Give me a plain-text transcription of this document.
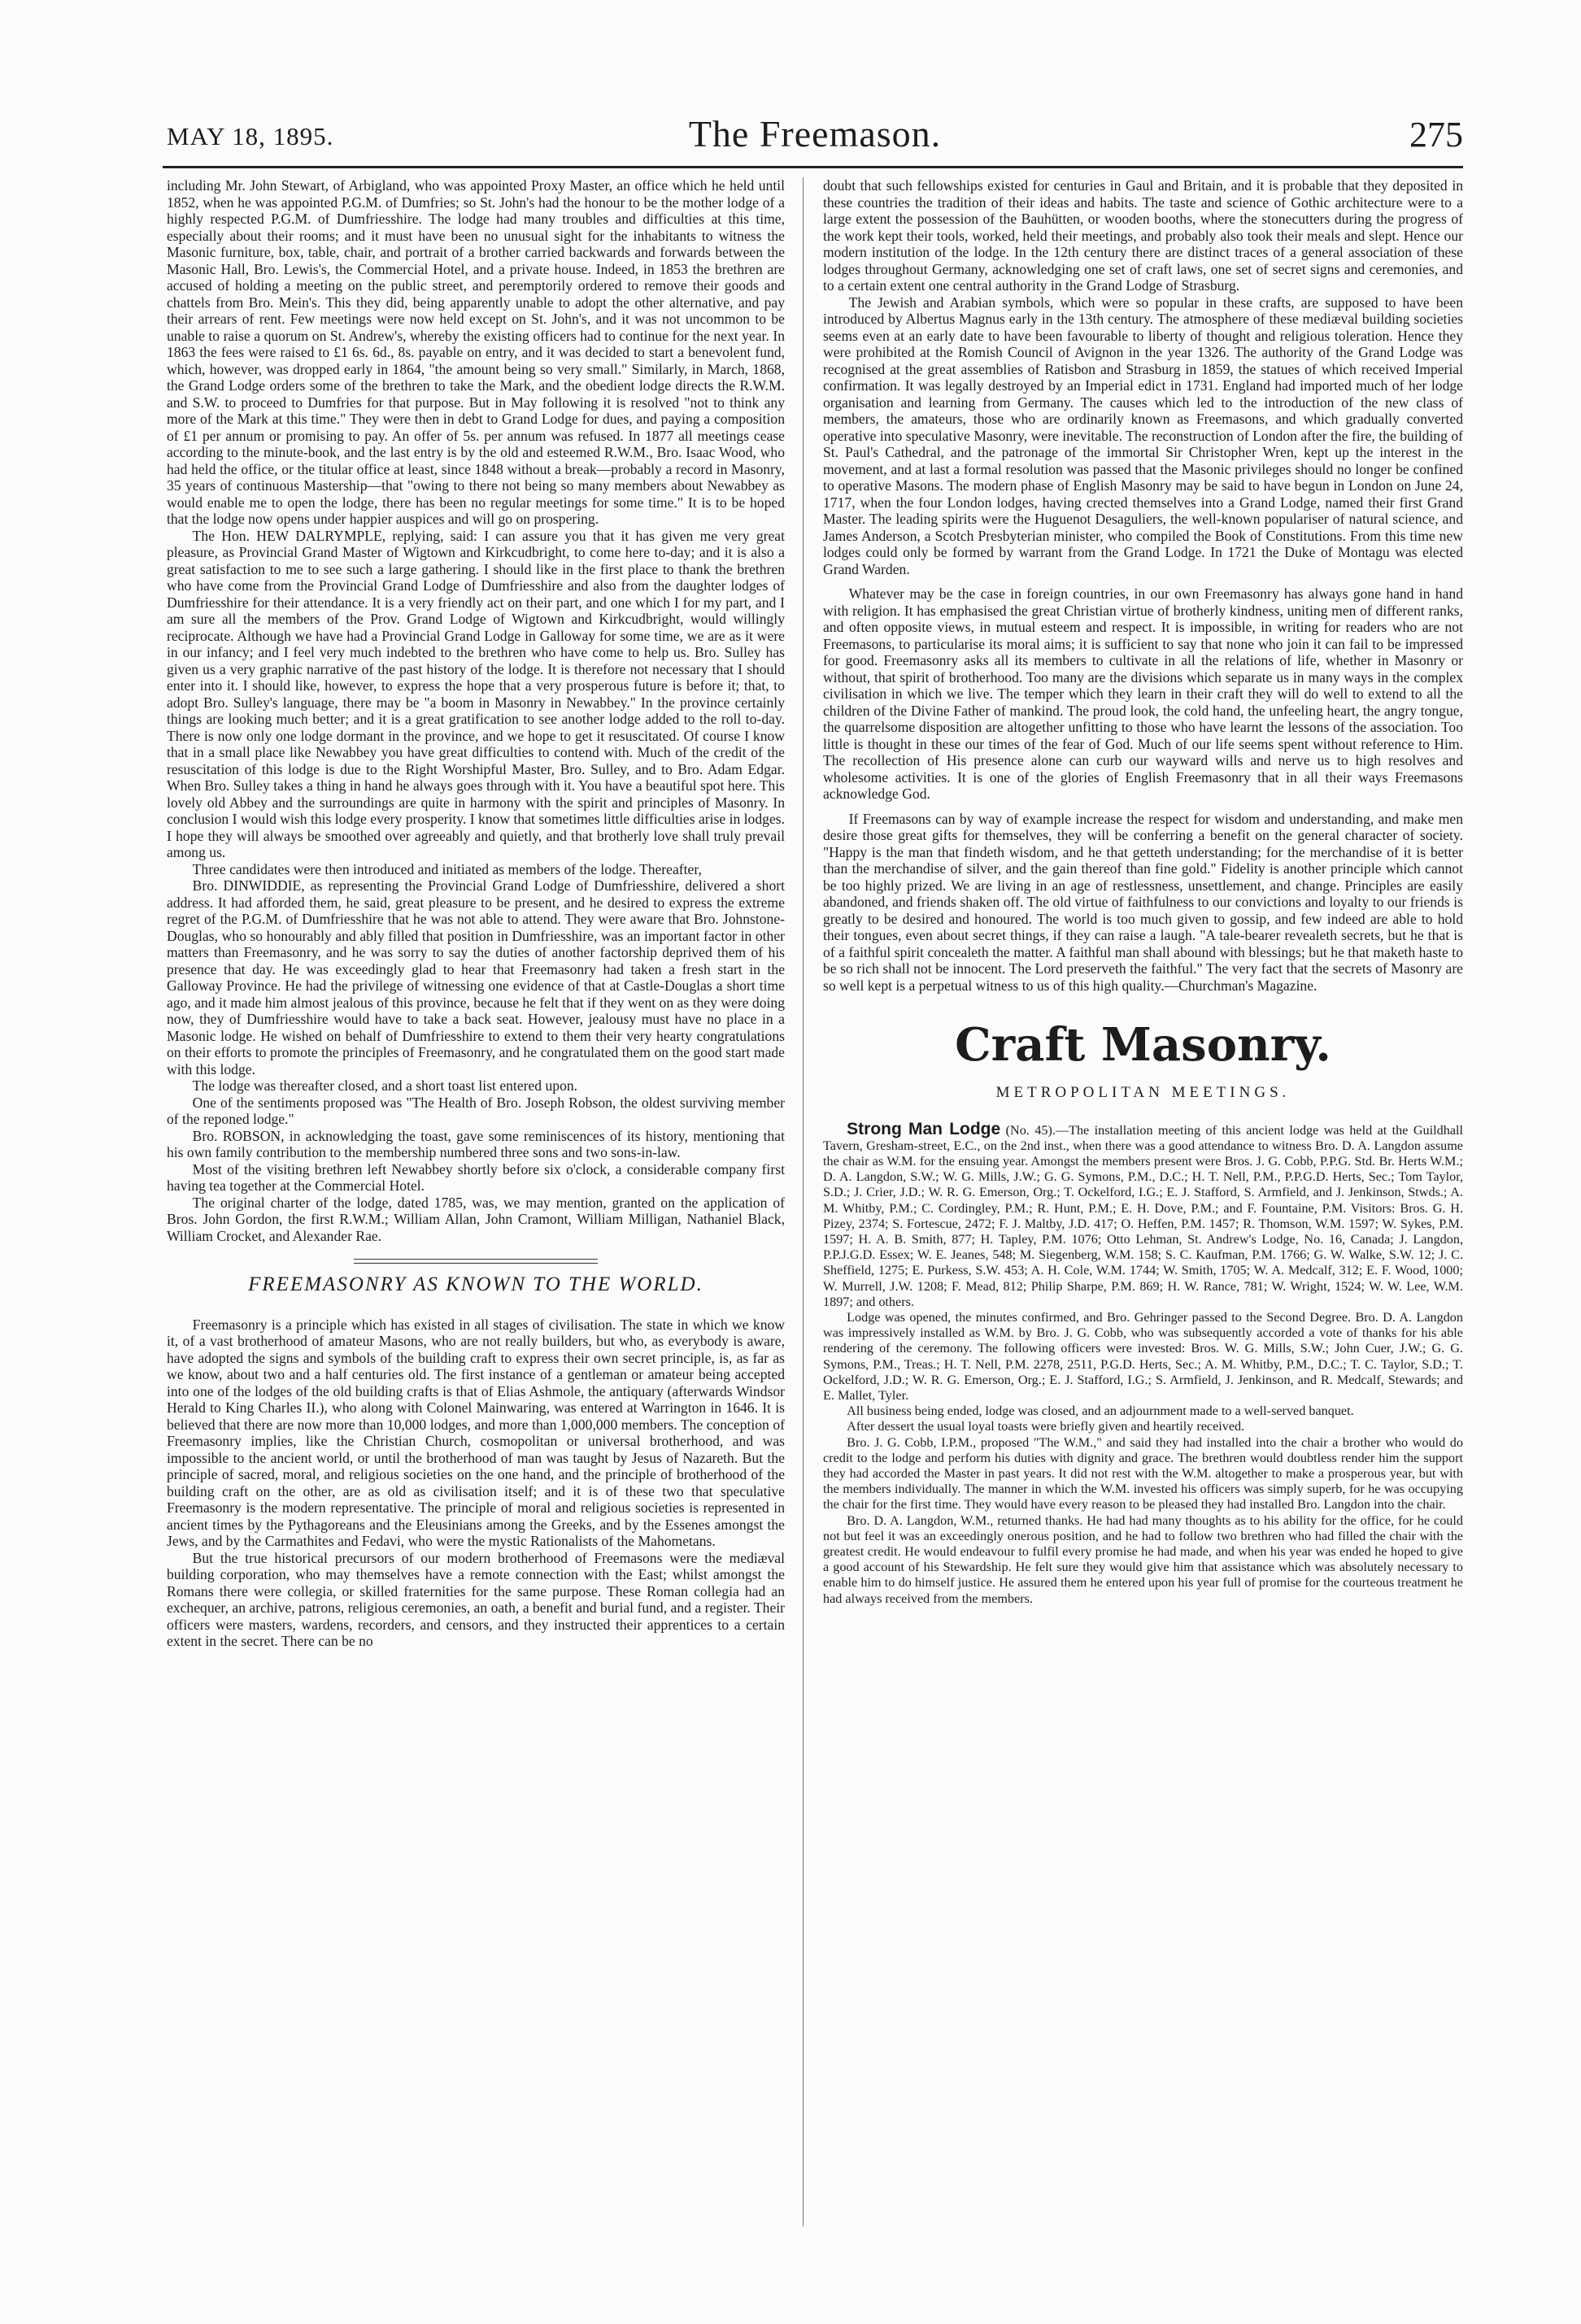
MAY 18, 1895.	The Freemason.	275

including Mr. John Stewart, of Arbigland, who was appointed Proxy Master, an office which he held until 1852, when he was appointed P.G.M. of Dumfries; so St. John's had the honour to be the mother lodge of a highly respected P.G.M. of Dumfriesshire. The lodge had many troubles and difficulties at this time, especially about their rooms; and it must have been no unusual sight for the inhabitants to witness the Masonic furniture, box, table, chair, and portrait of a brother carried backwards and forwards between the Masonic Hall, Bro. Lewis's, the Commercial Hotel, and a private house. Indeed, in 1853 the brethren are accused of holding a meeting on the public street, and peremptorily ordered to remove their goods and chattels from Bro. Mein's. This they did, being apparently unable to adopt the other alternative, and pay their arrears of rent. Few meetings were now held except on St. John's, and it was not uncommon to be unable to raise a quorum on St. Andrew's, whereby the existing officers had to continue for the next year. In 1863 the fees were raised to £1 6s. 6d., 8s. payable on entry, and it was decided to start a benevolent fund, which, however, was dropped early in 1864, "the amount being so very small." Similarly, in March, 1868, the Grand Lodge orders some of the brethren to take the Mark, and the obedient lodge directs the R.W.M. and S.W. to proceed to Dumfries for that purpose. But in May following it is resolved "not to think any more of the Mark at this time." They were then in debt to Grand Lodge for dues, and paying a composition of £1 per annum or promising to pay. An offer of 5s. per annum was refused. In 1877 all meetings cease according to the minute-book, and the last entry is by the old and esteemed R.W.M., Bro. Isaac Wood, who had held the office, or the titular office at least, since 1848 without a break—probably a record in Masonry, 35 years of continuous Mastership—that "owing to there not being so many members about Newabbey as would enable me to open the lodge, there has been no regular meetings for some time." It is to be hoped that the lodge now opens under happier auspices and will go on prospering.

The Hon. HEW DALRYMPLE, replying, said: I can assure you that it has given me very great pleasure, as Provincial Grand Master of Wigtown and Kirkcudbright, to come here to-day; and it is also a great satisfaction to me to see such a large gathering. I should like in the first place to thank the brethren who have come from the Provincial Grand Lodge of Dumfriesshire and also from the daughter lodges of Dumfriesshire for their attendance. It is a very friendly act on their part, and one which I for my part, and I am sure all the members of the Prov. Grand Lodge of Wigtown and Kirkcudbright, would willingly reciprocate. Although we have had a Provincial Grand Lodge in Galloway for some time, we are as it were in our infancy; and I feel very much indebted to the brethren who have come to help us. Bro. Sulley has given us a very graphic narrative of the past history of the lodge. It is therefore not necessary that I should enter into it. I should like, however, to express the hope that a very prosperous future is before it; that, to adopt Bro. Sulley's language, there may be "a boom in Masonry in Newabbey." In the province certainly things are looking much better; and it is a great gratification to see another lodge added to the roll to-day. There is now only one lodge dormant in the province, and we hope to get it resuscitated. Of course I know that in a small place like Newabbey you have great difficulties to contend with. Much of the credit of the resuscitation of this lodge is due to the Right Worshipful Master, Bro. Sulley, and to Bro. Adam Edgar. When Bro. Sulley takes a thing in hand he always goes through with it. You have a beautiful spot here. This lovely old Abbey and the surroundings are quite in harmony with the spirit and principles of Masonry. In conclusion I would wish this lodge every prosperity. I know that sometimes little difficulties arise in lodges. I hope they will always be smoothed over agreeably and quietly, and that brotherly love shall truly prevail among us.

Three candidates were then introduced and initiated as members of the lodge. Thereafter,

Bro. DINWIDDIE, as representing the Provincial Grand Lodge of Dumfriesshire, delivered a short address. It had afforded them, he said, great pleasure to be present, and he desired to express the extreme regret of the P.G.M. of Dumfriesshire that he was not able to attend. They were aware that Bro. Johnstone-Douglas, who so honourably and ably filled that position in Dumfriesshire, was an important factor in other matters than Freemasonry, and he was sorry to say the duties of another factorship deprived them of his presence that day. He was exceedingly glad to hear that Freemasonry had taken a fresh start in the Galloway Province. He had the privilege of witnessing one evidence of that at Castle-Douglas a short time ago, and it made him almost jealous of this province, because he felt that if they went on as they were doing now, they of Dumfriesshire would have to take a back seat. However, jealousy must have no place in a Masonic lodge. He wished on behalf of Dumfriesshire to extend to them their very hearty congratulations on their efforts to promote the principles of Freemasonry, and he congratulated them on the good start made with this lodge.

The lodge was thereafter closed, and a short toast list entered upon.

One of the sentiments proposed was "The Health of Bro. Joseph Robson, the oldest surviving member of the reponed lodge."

Bro. ROBSON, in acknowledging the toast, gave some reminiscences of its history, mentioning that his own family contribution to the membership numbered three sons and two sons-in-law.

Most of the visiting brethren left Newabbey shortly before six o'clock, a considerable company first having tea together at the Commercial Hotel.

The original charter of the lodge, dated 1785, was, we may mention, granted on the application of Bros. John Gordon, the first R.W.M.; William Allan, John Cramont, William Milligan, Nathaniel Black, William Crocket, and Alexander Rae.

FREEMASONRY AS KNOWN TO THE WORLD.

Freemasonry is a principle which has existed in all stages of civilisation. The state in which we know it, of a vast brotherhood of amateur Masons, who are not really builders, but who, as everybody is aware, have adopted the signs and symbols of the building craft to express their own secret principle, is, as far as we know, about two and a half centuries old. The first instance of a gentleman or amateur being accepted into one of the lodges of the old building crafts is that of Elias Ashmole, the antiquary (afterwards Windsor Herald to King Charles II.), who along with Colonel Mainwaring, was entered at Warrington in 1646. It is believed that there are now more than 10,000 lodges, and more than 1,000,000 members. The conception of Freemasonry implies, like the Christian Church, cosmopolitan or universal brotherhood, and was impossible to the ancient world, or until the brotherhood of man was taught by Jesus of Nazareth. But the principle of sacred, moral, and religious societies on the one hand, and the principle of brotherhood of the building craft on the other, are as old as civilisation itself; and it is of these two that speculative Freemasonry is the modern representative. The principle of moral and religious societies is represented in ancient times by the Pythagoreans and the Eleusinians among the Greeks, and by the Essenes amongst the Jews, and by the Carmathites and Fedavi, who were the mystic Rationalists of the Mahometans.

But the true historical precursors of our modern brotherhood of Freemasons were the mediæval building corporation, who may themselves have a remote connection with the East; whilst amongst the Romans there were collegia, or skilled fraternities for the same purpose. These Roman collegia had an exchequer, an archive, patrons, religious ceremonies, an oath, a benefit and burial fund, and a register. Their officers were masters, wardens, recorders, and censors, and they instructed their apprentices to a certain extent in the secret. There can be no

doubt that such fellowships existed for centuries in Gaul and Britain, and it is probable that they deposited in these countries the tradition of their ideas and habits. The taste and science of Gothic architecture were to a large extent the possession of the Bauhütten, or wooden booths, where the stonecutters during the progress of the work kept their tools, worked, held their meetings, and probably also took their meals and slept. Hence our modern institution of the lodge. In the 12th century there are distinct traces of a general association of these lodges throughout Germany, acknowledging one set of craft laws, one set of secret signs and ceremonies, and to a certain extent one central authority in the Grand Lodge of Strasburg.

The Jewish and Arabian symbols, which were so popular in these crafts, are supposed to have been introduced by Albertus Magnus early in the 13th century. The atmosphere of these mediæval building societies seems even at an early date to have been favourable to liberty of thought and religious toleration. Hence they were prohibited at the Romish Council of Avignon in the year 1326. The authority of the Grand Lodge was recognised at the great assemblies of Ratisbon and Strasburg in 1859, the statues of which received Imperial confirmation. It was legally destroyed by an Imperial edict in 1731. England had imported much of her lodge organisation and learning from Germany. The causes which led to the introduction of the new class of members, the amateurs, those who are ordinarily known as Freemasons, and which gradually converted operative into speculative Masonry, were inevitable. The reconstruction of London after the fire, the building of St. Paul's Cathedral, and the patronage of the immortal Sir Christopher Wren, kept up the interest in the movement, and at last a formal resolution was passed that the Masonic privileges should no longer be confined to operative Masons. The modern phase of English Masonry may be said to have begun in London on June 24, 1717, when the four London lodges, having crected themselves into a Grand Lodge, named their first Grand Master. The leading spirits were the Huguenot Desaguliers, the well-known populariser of natural science, and James Anderson, a Scotch Presbyterian minister, who compiled the Book of Constitutions. From this time new lodges could only be formed by warrant from the Grand Lodge. In 1721 the Duke of Montagu was elected Grand Warden.

Whatever may be the case in foreign countries, in our own Freemasonry has always gone hand in hand with religion. It has emphasised the great Christian virtue of brotherly kindness, uniting men of different ranks, and often opposite views, in mutual esteem and respect. It is impossible, in writing for readers who are not Freemasons, to particularise its moral aims; it is sufficient to say that none who join it can fail to be impressed for good. Freemasonry asks all its members to cultivate in all the relations of life, whether in Masonry or without, that spirit of brotherhood. Too many are the divisions which separate us in many ways in the complex civilisation in which we live. The temper which they learn in their craft they will do well to extend to all the children of the Divine Father of mankind. The proud look, the cold hand, the unfeeling heart, the angry tongue, the quarrelsome disposition are altogether unfitting to those who have learnt the lessons of the association. Too little is thought in these our times of the fear of God. Much of our life seems spent without reference to Him. The recollection of His presence alone can curb our wayward wills and nerve us to high resolves and wholesome activities. It is one of the glories of English Freemasonry that in all their ways Freemasons acknowledge God.

If Freemasons can by way of example increase the respect for wisdom and understanding, and make men desire those great gifts for themselves, they will be conferring a benefit on the general character of society. "Happy is the man that findeth wisdom, and he that getteth understanding; for the merchandise of it is better than the merchandise of silver, and the gain thereof than fine gold." Fidelity is another principle which cannot be too highly prized. We are living in an age of restlessness, unsettlement, and change. Principles are easily abandoned, and friends shaken off. The old virtue of faithfulness to our convictions and loyalty to our friends is greatly to be desired and honoured. The world is too much given to gossip, and few indeed are able to hold their tongues, even about secret things, if they can raise a laugh. "A tale-bearer revealeth secrets, but he that is of a faithful spirit concealeth the matter. A faithful man shall abound with blessings; but he that maketh haste to be so rich shall not be innocent. The Lord preserveth the faithful." The very fact that the secrets of Masonry are so well kept is a perpetual witness to us of this high quality.—Churchman's Magazine.

Craft Masonry.
METROPOLITAN MEETINGS.

Strong Man Lodge (No. 45).—The installation meeting of this ancient lodge was held at the Guildhall Tavern, Gresham-street, E.C., on the 2nd inst., when there was a good attendance to witness Bro. D. A. Langdon assume the chair as W.M. for the ensuing year. Amongst the members present were Bros. J. G. Cobb, P.P.G. Std. Br. Herts W.M.; D. A. Langdon, S.W.; W. G. Mills, J.W.; G. G. Symons, P.M., D.C.; H. T. Nell, P.M., P.P.G.D. Herts, Sec.; Tom Taylor, S.D.; J. Crier, J.D.; W. R. G. Emerson, Org.; T. Ockelford, I.G.; E. J. Stafford, S. Armfield, and J. Jenkinson, Stwds.; A. M. Whitby, P.M.; C. Cordingley, P.M.; R. Hunt, P.M.; E. H. Dove, P.M.; and F. Fountaine, P.M. Visitors: Bros. G. H. Pizey, 2374; S. Fortescue, 2472; F. J. Maltby, J.D. 417; O. Heffen, P.M. 1457; R. Thomson, W.M. 1597; W. Sykes, P.M. 1597; H. A. B. Smith, 877; H. Tapley, P.M. 1076; Otto Lehman, St. Andrew's Lodge, No. 16, Canada; J. Langdon, P.P.J.G.D. Essex; W. E. Jeanes, 548; M. Siegenberg, W.M. 158; S. C. Kaufman, P.M. 1766; G. W. Walke, S.W. 12; J. C. Sheffield, 1275; E. Purkess, S.W. 453; A. H. Cole, W.M. 1744; W. Smith, 1705; W. A. Medcalf, 312; E. F. Wood, 1000; W. Murrell, J.W. 1208; F. Mead, 812; Philip Sharpe, P.M. 869; H. W. Rance, 781; W. Wright, 1524; W. W. Lee, W.M. 1897; and others.

Lodge was opened, the minutes confirmed, and Bro. Gehringer passed to the Second Degree. Bro. D. A. Langdon was impressively installed as W.M. by Bro. J. G. Cobb, who was subsequently accorded a vote of thanks for his able rendering of the ceremony. The following officers were invested: Bros. W. G. Mills, S.W.; John Cuer, J.W.; G. G. Symons, P.M., Treas.; H. T. Nell, P.M. 2278, 2511, P.G.D. Herts, Sec.; A. M. Whitby, P.M., D.C.; T. C. Taylor, S.D.; T. Ockelford, J.D.; W. R. G. Emerson, Org.; E. J. Stafford, I.G.; S. Armfield, J. Jenkinson, and R. Medcalf, Stewards; and E. Mallet, Tyler.

All business being ended, lodge was closed, and an adjournment made to a well-served banquet.

After dessert the usual loyal toasts were briefly given and heartily received.

Bro. J. G. Cobb, I.P.M., proposed "The W.M.," and said they had installed into the chair a brother who would do credit to the lodge and perform his duties with dignity and grace. The brethren would doubtless render him the support they had accorded the Master in past years. It did not rest with the W.M. altogether to make a prosperous year, but with the members individually. The manner in which the W.M. invested his officers was simply superb, for he was occupying the chair for the first time. They would have every reason to be pleased they had installed Bro. Langdon into the chair.

Bro. D. A. Langdon, W.M., returned thanks. He had had many thoughts as to his ability for the office, for he could not but feel it was an exceedingly onerous position, and he had to follow two brethren who had filled the chair with the greatest credit. He would endeavour to fulfil every promise he had made, and when his year was ended he hoped to give a good account of his Stewardship. He felt sure they would give him that assistance which was absolutely necessary to enable him to do himself justice. He assured them he entered upon his year full of promise for the courteous treatment he had always received from the members.
